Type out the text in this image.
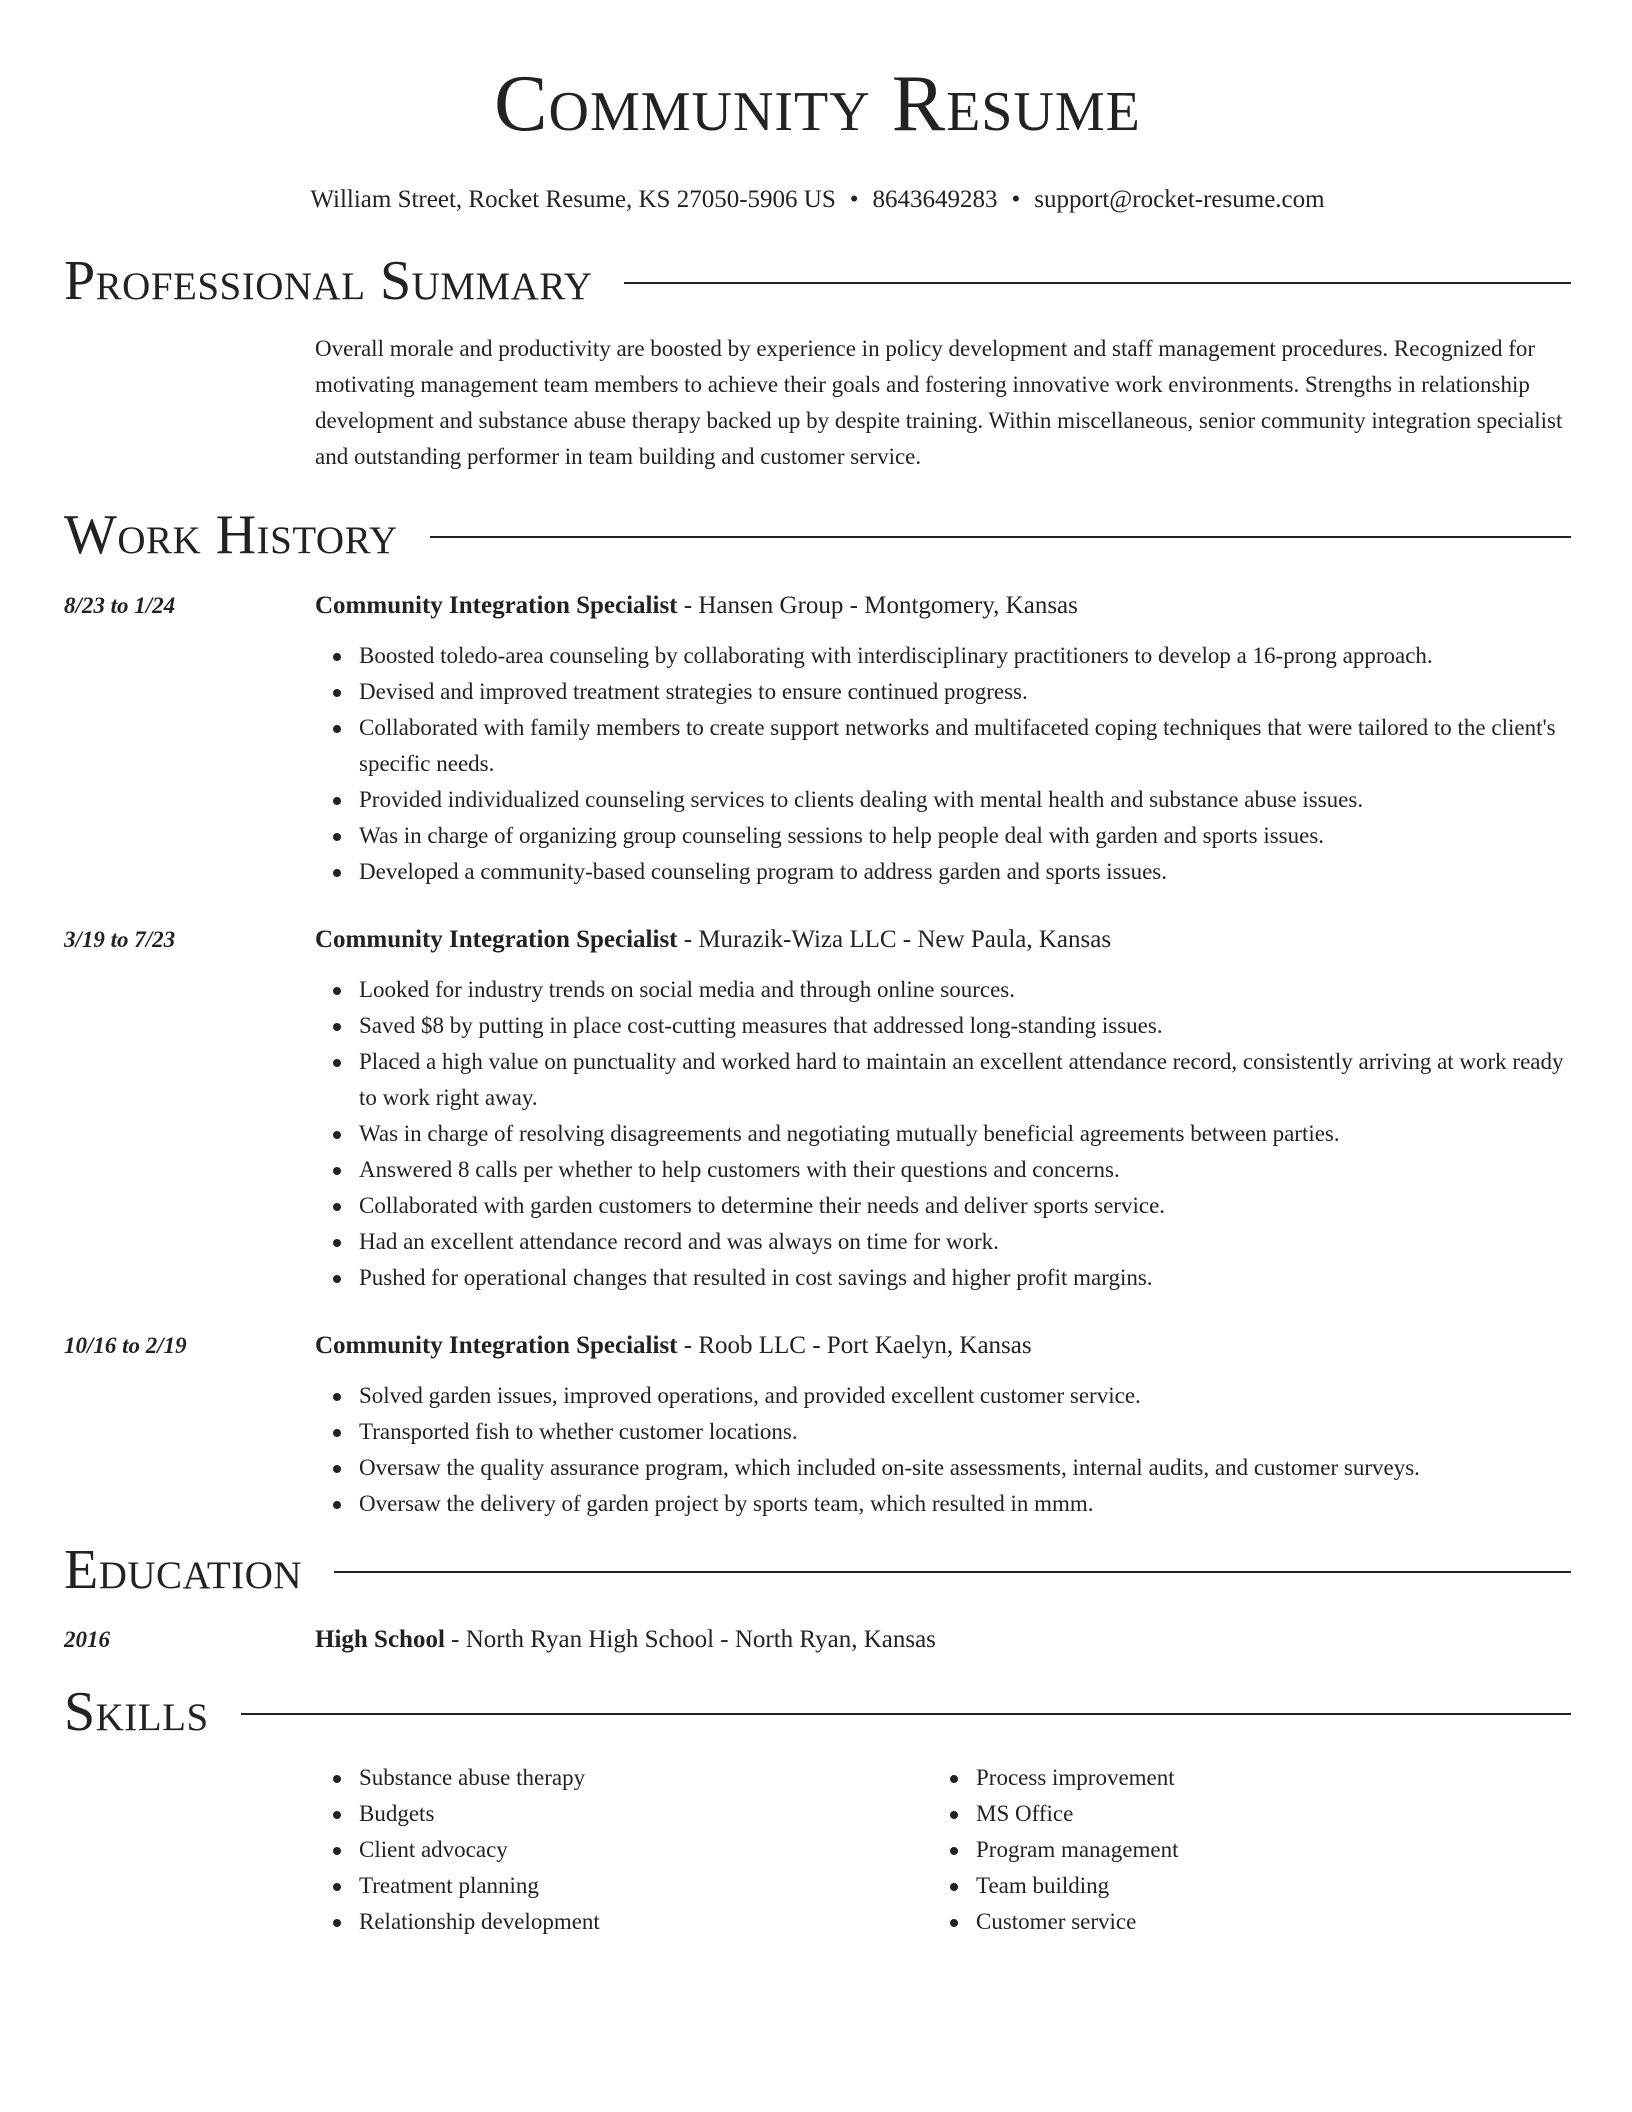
Community Resume
William Street, Rocket Resume, KS 27050-5906 US • 8643649283 • support@rocket-resume.com
Professional Summary
Overall morale and productivity are boosted by experience in policy development and staff management procedures. Recognized for motivating management team members to achieve their goals and fostering innovative work environments. Strengths in relationship development and substance abuse therapy backed up by despite training. Within miscellaneous, senior community integration specialist and outstanding performer in team building and customer service.
Work History
8/23 to 1/24	Community Integration Specialist - Hansen Group - Montgomery, Kansas
Boosted toledo-area counseling by collaborating with interdisciplinary practitioners to develop a 16-prong approach.
Devised and improved treatment strategies to ensure continued progress.
Collaborated with family members to create support networks and multifaceted coping techniques that were tailored to the client's specific needs.
Provided individualized counseling services to clients dealing with mental health and substance abuse issues.
Was in charge of organizing group counseling sessions to help people deal with garden and sports issues.
Developed a community-based counseling program to address garden and sports issues.
3/19 to 7/23	Community Integration Specialist - Murazik-Wiza LLC - New Paula, Kansas
Looked for industry trends on social media and through online sources.
Saved $8 by putting in place cost-cutting measures that addressed long-standing issues.
Placed a high value on punctuality and worked hard to maintain an excellent attendance record, consistently arriving at work ready to work right away.
Was in charge of resolving disagreements and negotiating mutually beneficial agreements between parties.
Answered 8 calls per whether to help customers with their questions and concerns.
Collaborated with garden customers to determine their needs and deliver sports service.
Had an excellent attendance record and was always on time for work.
Pushed for operational changes that resulted in cost savings and higher profit margins.
10/16 to 2/19	Community Integration Specialist - Roob LLC - Port Kaelyn, Kansas
Solved garden issues, improved operations, and provided excellent customer service.
Transported fish to whether customer locations.
Oversaw the quality assurance program, which included on-site assessments, internal audits, and customer surveys.
Oversaw the delivery of garden project by sports team, which resulted in mmm.
Education
2016	High School - North Ryan High School - North Ryan, Kansas
Skills
Substance abuse therapy
Budgets
Client advocacy
Treatment planning
Relationship development
Process improvement
MS Office
Program management
Team building
Customer service
